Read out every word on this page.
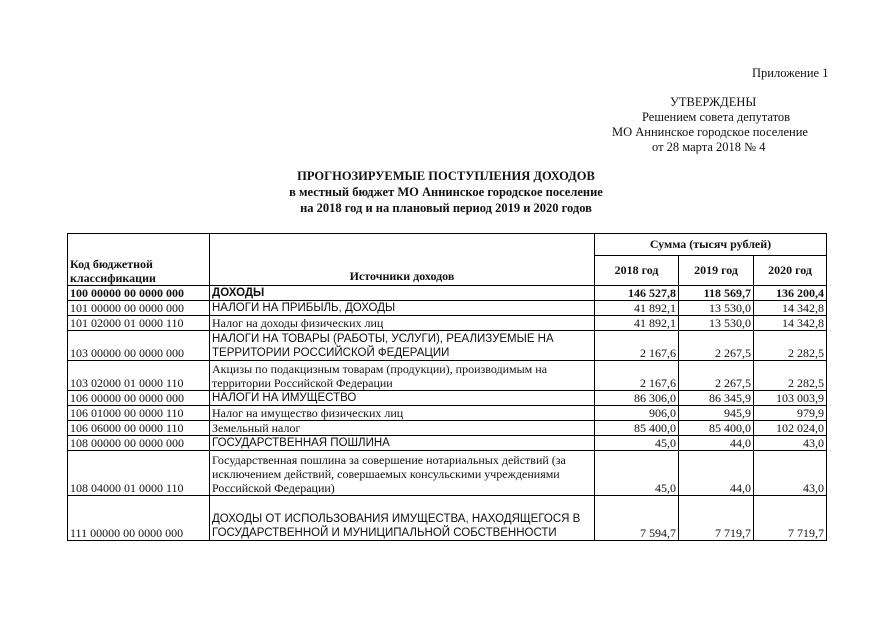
Приложение 1
УТВЕРЖДЕНЫ
Решением совета депутатов
МО Аннинское городское поселение
от 28 марта 2018 № 4
ПРОГНОЗИРУЕМЫЕ ПОСТУПЛЕНИЯ ДОХОДОВ
в местный бюджет МО Аннинское городское поселение
на 2018 год и на плановый период 2019 и 2020 годов
Код бюджетной классификации	Источники доходов	Сумма (тысяч рублей)		
		2018 год	2019 год	2020 год
100 00000 00 0000 000	ДОХОДЫ	146 527,8	118 569,7	136 200,4
101 00000 00 0000 000	НАЛОГИ НА ПРИБЫЛЬ, ДОХОДЫ	41 892,1	13 530,0	14 342,8
101 02000 01 0000 110	Налог на доходы физических лиц	41 892,1	13 530,0	14 342,8
103 00000 00 0000 000	НАЛОГИ НА ТОВАРЫ (РАБОТЫ, УСЛУГИ), РЕАЛИЗУЕМЫЕ НА ТЕРРИТОРИИ РОССИЙСКОЙ ФЕДЕРАЦИИ	2 167,6	2 267,5	2 282,5
103 02000 01 0000 110	Акцизы по подакцизным товарам (продукции), производимым на территории Российской Федерации	2 167,6	2 267,5	2 282,5
106 00000 00 0000 000	НАЛОГИ НА ИМУЩЕСТВО	86 306,0	86 345,9	103 003,9
106 01000 00 0000 110	Налог на имущество физических лиц	906,0	945,9	979,9
106 06000 00 0000 110	Земельный налог	85 400,0	85 400,0	102 024,0
108 00000 00 0000 000	ГОСУДАРСТВЕННАЯ ПОШЛИНА	45,0	44,0	43,0
108 04000 01 0000 110	Государственная пошлина за совершение нотариальных действий (за исключением действий, совершаемых консульскими учреждениями Российской Федерации)	45,0	44,0	43,0
111 00000 00 0000 000	ДОХОДЫ ОТ ИСПОЛЬЗОВАНИЯ ИМУЩЕСТВА, НАХОДЯЩЕГОСЯ В ГОСУДАРСТВЕННОЙ И МУНИЦИПАЛЬНОЙ СОБСТВЕННОСТИ	7 594,7	7 719,7	7 719,7
